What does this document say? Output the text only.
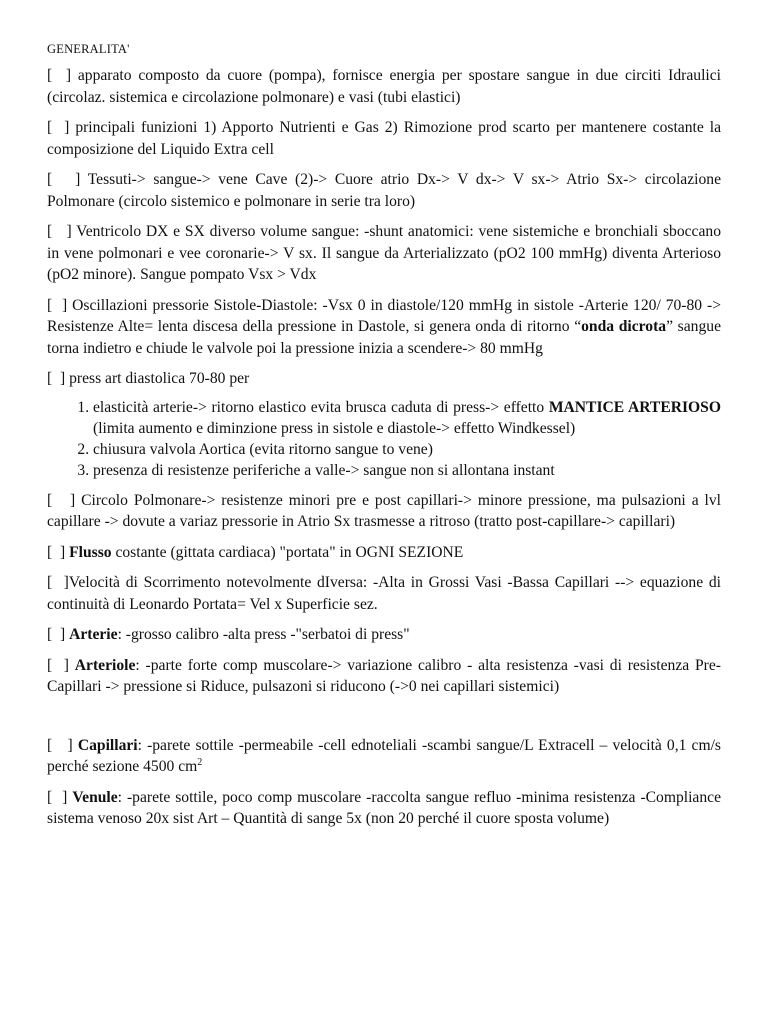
GENERALITA'

[  ] apparato composto da cuore (pompa), fornisce energia per spostare sangue in due circiti Idraulici (circolaz. sistemica e circolazione polmonare) e vasi (tubi elastici)

[  ] principali funizioni 1) Apporto Nutrienti e Gas 2) Rimozione prod scarto per mantenere costante la composizione del Liquido Extra cell

[   ] Tessuti-> sangue-> vene Cave (2)-> Cuore atrio Dx-> V dx-> V sx-> Atrio Sx-> circolazione Polmonare (circolo sistemico e polmonare in serie tra loro)

[   ] Ventricolo DX e SX diverso volume sangue: -shunt anatomici: vene sistemiche e bronchiali sboccano in vene polmonari e vee coronarie-> V sx. Il sangue da Arterializzato (pO2 100 mmHg) diventa Arterioso (pO2 minore). Sangue pompato Vsx > Vdx

[  ] Oscillazioni pressorie Sistole-Diastole: -Vsx 0 in diastole/120 mmHg in sistole -Arterie 120/ 70-80 -> Resistenze Alte= lenta discesa della pressione in Dastole, si genera onda di ritorno “onda dicrota” sangue torna indietro e chiude le valvole poi la pressione inizia a scendere-> 80 mmHg

[  ] press art diastolica 70-80 per

1. elasticità arterie-> ritorno elastico evita brusca caduta di press-> effetto MANTICE ARTERIOSO (limita aumento e diminzione press in sistole e diastole-> effetto Windkessel)
2. chiusura valvola Aortica (evita ritorno sangue to vene)
3. presenza di resistenze periferiche a valle-> sangue non si allontana instant

[   ] Circolo Polmonare-> resistenze minori pre e post capillari-> minore pressione, ma pulsazioni a lvl capillare -> dovute a variaz pressorie in Atrio Sx trasmesse a ritroso (tratto post-capillare-> capillari)

[  ] Flusso costante (gittata cardiaca) "portata" in OGNI SEZIONE

[  ]Velocità di Scorrimento notevolmente dIversa: -Alta in Grossi Vasi -Bassa Capillari --> equazione di continuità di Leonardo Portata= Vel x Superficie sez.

[  ] Arterie: -grosso calibro -alta press -"serbatoi di press"

[  ] Arteriole: -parte forte comp muscolare-> variazione calibro - alta resistenza -vasi di resistenza Pre-Capillari -> pressione si Riduce, pulsazoni si riducono (->0 nei capillari sistemici)

[   ] Capillari: -parete sottile -permeabile -cell ednoteliali -scambi sangue/L Extracell – velocità 0,1 cm/s perché sezione 4500 $cm^2$

[  ] Venule: -parete sottile, poco comp muscolare -raccolta sangue refluo -minima resistenza -Compliance sistema venoso 20x sist Art – Quantità di sange 5x (non 20 perché il cuore sposta volume)
